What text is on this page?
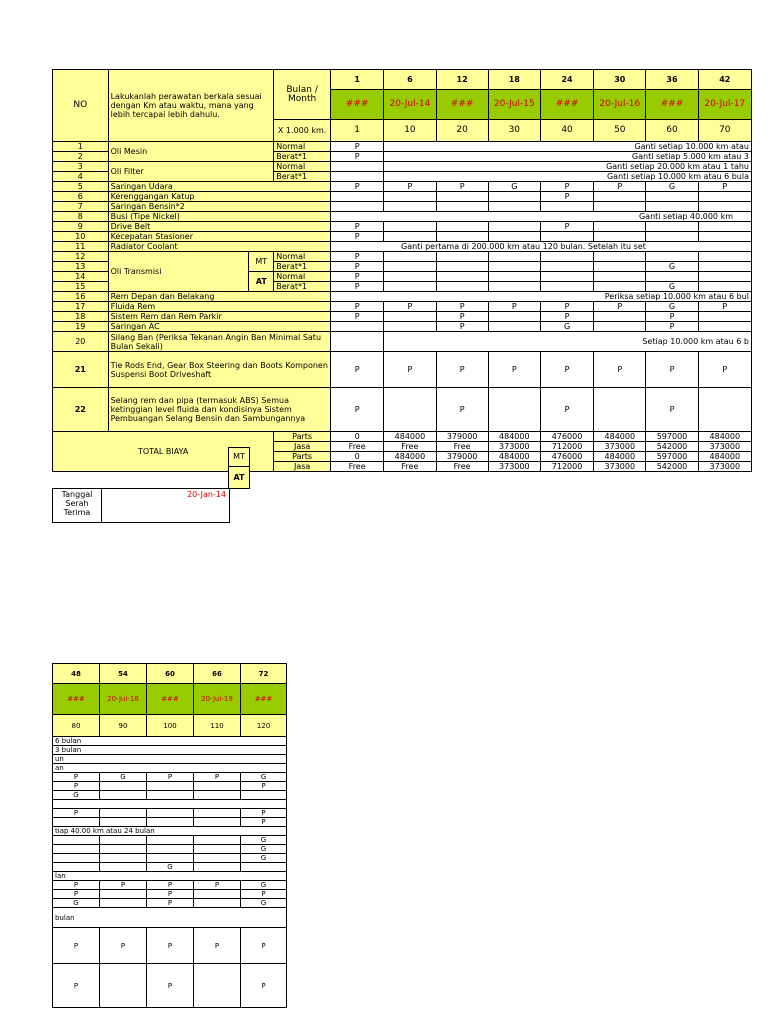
NO	Lakukanlah perawatan berkala sesuai dengan Km atau waktu, mana yang lebih tercapai lebih dahulu.		Bulan / Month	1	6	12	18	24	30	36	42
				###	20-Jul-14	###	20-Jul-15	###	20-Jul-16	###	20-Jul-17
			X 1.000 km.	1	10	20	30	40	50	60	70
1	Oli Mesin		Normal	P	Ganti setiap 10.000 km atau						
2			Berat*1	P	Ganti setiap 5.000 km atau 3						
3	Oli Filter		Normal		Ganti setiap 20.000 km atau 1 tahu						
4			Berat*1		Ganti setiap 10.000 km atau 6 bula						
5	Saringan Udara			P	P	P	G	P	P	G	P
6	Kerenggangan Katup							P			
7	Saringan Bensin*2										
8	Busi (Tipe Nickel)			Ganti setiap 40.000 km							
9	Drive Belt			P				P			
10	Kecepatan Stasioner			P							
11	Radiator Coolant			Ganti pertama di 200.000 km atau 120 bulan. Setelah itu set							
12	Oli Transmisi	MT	Normal	P							
13			Berat*1	P						G	
14		AT	Normal	P							
15			Berat*1	P						G	
16	Rem Depan dan Belakang			Periksa setiap 10.000 km atau 6 bul							
17	Fluida Rem			P	P	P	P	P	P	G	P
18	Sistem Rem dan Rem Parkir			P		P		P		P	
19	Saringan AC					P		G		P	
20	Silang Ban (Periksa Tekanan Angin Ban Minimal Satu Bulan Sekali)				Setiap 10.000 km atau 6 b						
21	Tie Rods End, Gear Box Steering dan Boots Komponen Suspensi Boot Driveshaft			P	P	P	P	P	P	P	P
22	Selang rem dan pipa (termasuk ABS) Semua ketinggian level fluida dan kondisinya Sistem Pembuangan Selang Bensin dan Sambungannya			P		P		P		P	
TOTAL BIAYA			Parts	0	484000	379000	484000	476000	484000	597000	484000
			Jasa	Free	Free	Free	373000	712000	373000	542000	373000
			Parts	0	484000	379000	484000	476000	484000	597000	484000
			Jasa	Free	Free	Free	373000	712000	373000	542000	373000
MT
AT
Tanggal Serah Terima
20-Jan-14
48	54	60	66	72
###	20-Jul-18	###	20-Jul-19	###
80	90	100	110	120
6 bulan				
3 bulan				
un				
an				
P	G	P	P	G
P				P
G				

P				P
				P
tiap 40.00 km atau 24 bulan				
				G
				G
				G
		G		
lan				
P	P	P	P	G
P		P		P
G		P		G
bulan				
P	P	P	P	P
P		P		P
